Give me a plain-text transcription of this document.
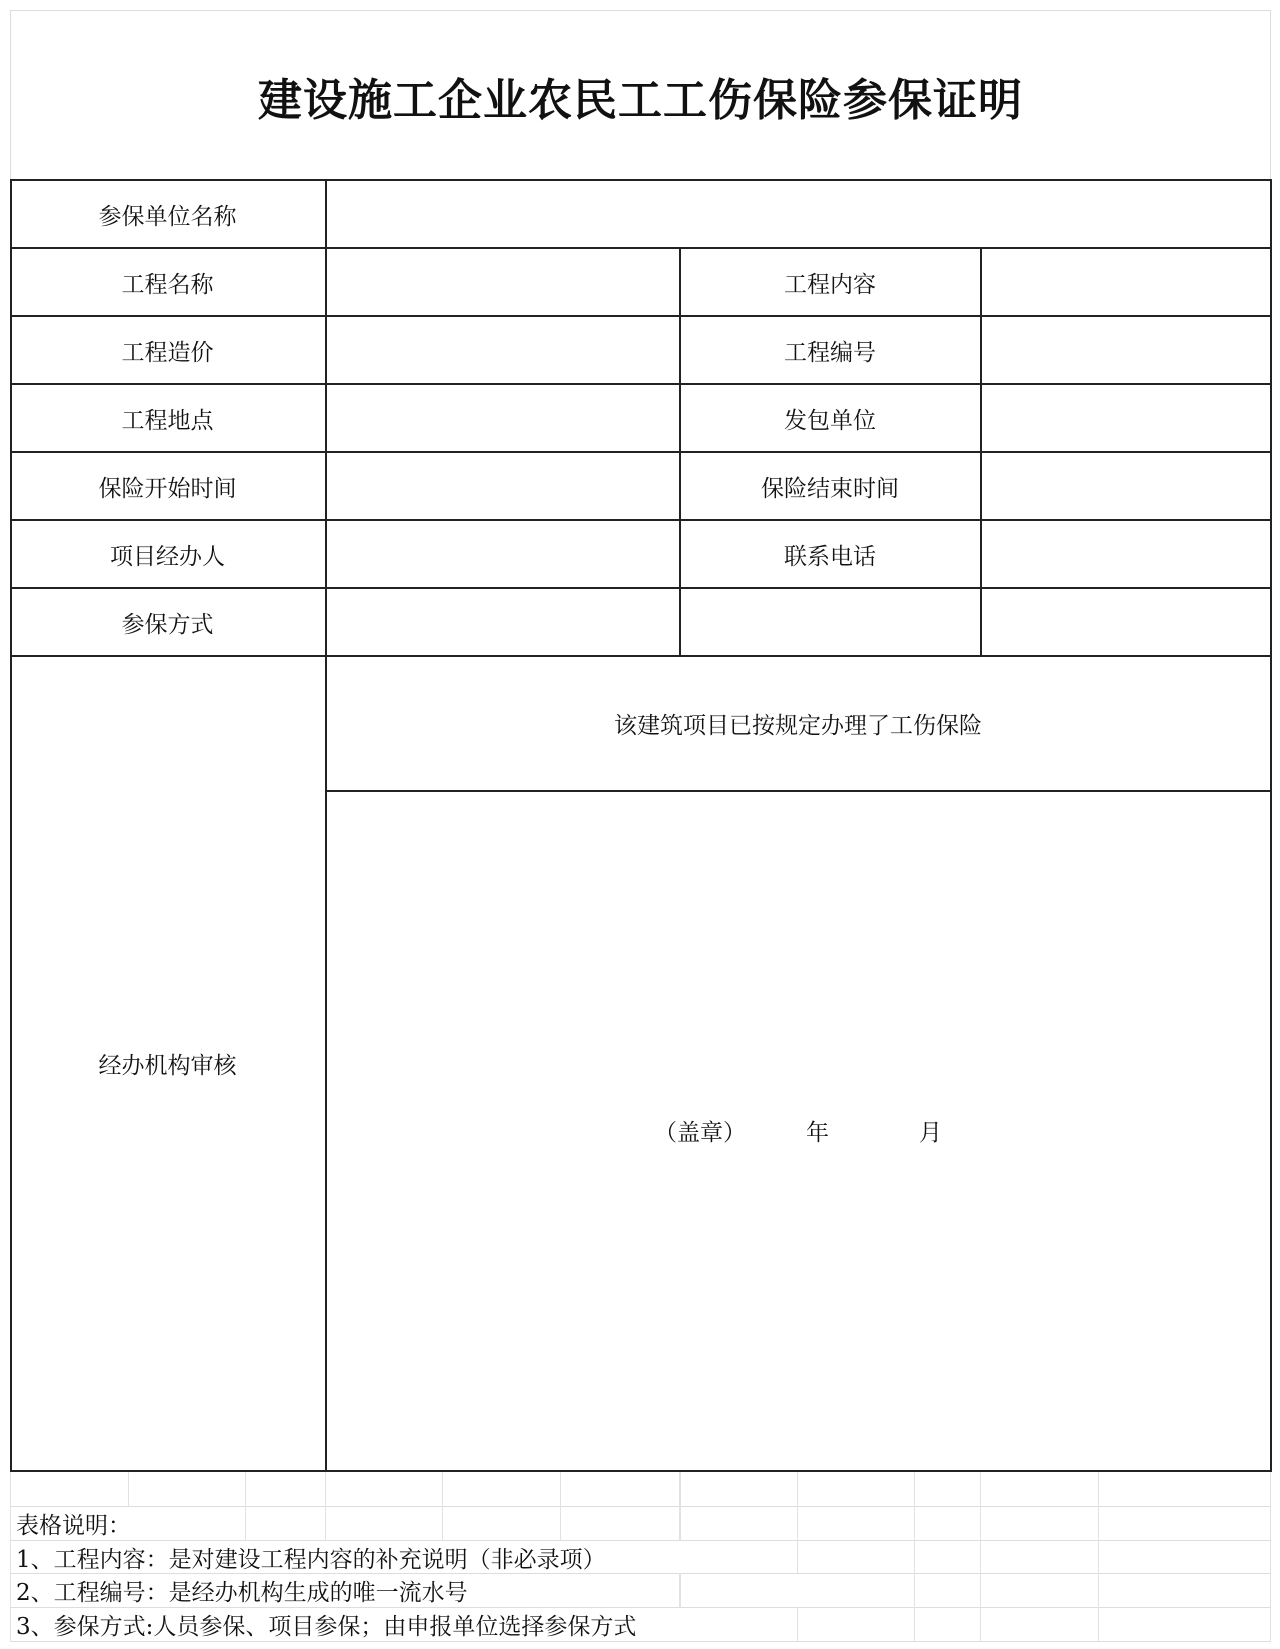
建设施工企业农民工工伤保险参保证明
参保单位名称
工程名称	工程内容
工程造价	工程编号
工程地点	发包单位
保险开始时间	保险结束时间
项目经办人	联系电话
参保方式
经办机构审核
该建筑项目已按规定办理了工伤保险
（盖章）	年	月
表格说明：
1、工程内容：是对建设工程内容的补充说明（非必录项）
2、工程编号：是经办机构生成的唯一流水号
3、参保方式:人员参保、项目参保；由申报单位选择参保方式
